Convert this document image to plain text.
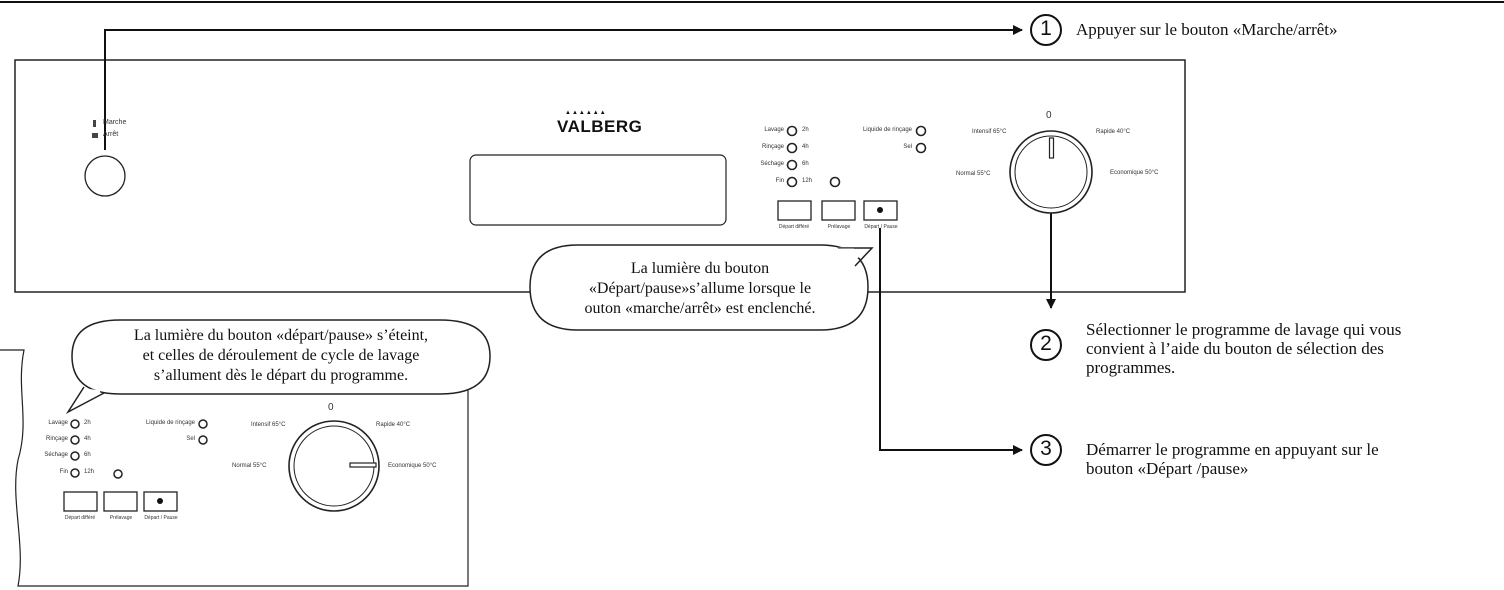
1
2
3
Appuyer sur le bouton «Marche/arrêt»
Sélectionner le programme de lavage qui vous
convient à l’aide du bouton de sélection des
programmes.
Démarrer le programme en appuyant sur le
bouton «Départ /pause»
VALBERG
▲▲▲▲▲▲
Marche
Arrêt
Lavage
Rinçage
Séchage
Fin
2h
4h
6h
12h
Liquide de rinçage
Sel
Départ différé	Prélavage	Départ / Pause
0
Intensif 65°C	Rapide 40°C
Normal 55°C	Economique 50°C
Lavage
Rinçage
Séchage
Fin
2h
4h
6h
12h
Liquide de rinçage
Sel
Départ différé	Prélavage	Départ / Pause
0
Intensif 65°C	Rapide 40°C
Normal 55°C	Economique 50°C
La lumière du bouton
«Départ/pause»s’allume lorsque le
outon «marche/arrêt» est enclenché.
La lumière du bouton «départ/pause» s’éteint,
et celles de déroulement de cycle de lavage
s’allument dès le départ du programme.
